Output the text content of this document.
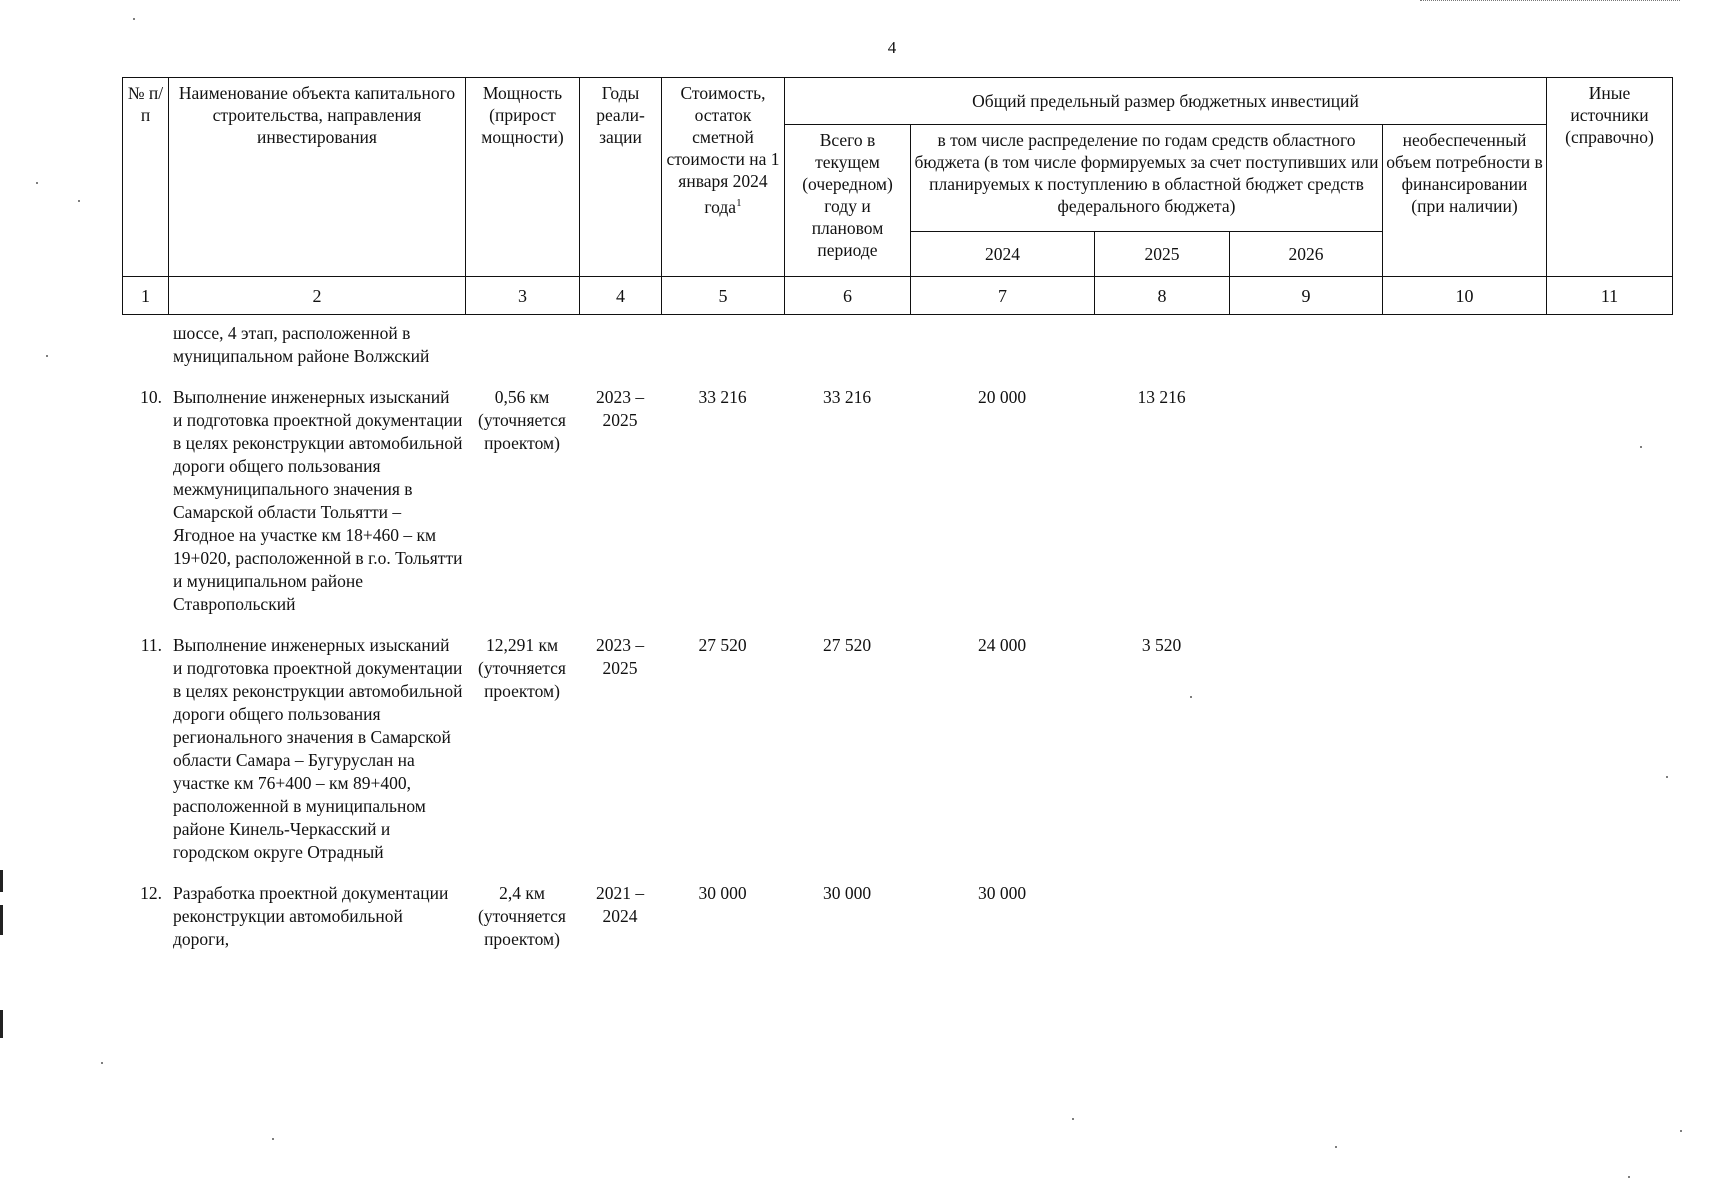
4
№ п/п	Наименование объекта капитального строительства, направления инвестирования	Мощность (прирост мощности)	Годы реали-зации	Стоимость, остаток сметной стоимости на 1 января 2024 года$^1$	Общий предельный размер бюджетных инвестиций					Иные источники (справочно)
					Всего в текущем (очередном) году и плановом периоде	в том числе распределение по годам средств областного бюджета (в том числе формируемых за счет поступивших или планируемых к поступлению в областной бюджет средств федерального бюджета)			необеспеченный объем потребности в финансировании (при наличии)	
						2024	2025	2026		
1	2	3	4	5	6	7	8	9	10	11
	шоссе, 4 этап, расположенной в муниципальном районе Волжский									
10.	Выполнение инженерных изысканий и подготовка проектной документации в целях реконструкции автомобильной дороги общего пользования межмуниципального значения в Самарской области Тольятти – Ягодное на участке км 18+460 – км 19+020, расположенной в г.о. Тольятти и муниципальном районе Ставропольский	0,56 км (уточняется проектом)	2023 – 2025	33 216	33 216	20 000	13 216			
11.	Выполнение инженерных изысканий и подготовка проектной документации в целях реконструкции автомобильной дороги общего пользования регионального значения в Самарской области Самара – Бугуруслан на участке км 76+400 – км 89+400, расположенной в муниципальном районе Кинель-Черкасский и городском округе Отрадный	12,291 км (уточняется проектом)	2023 – 2025	27 520	27 520	24 000	3 520			
12.	Разработка проектной документации реконструкции автомобильной дороги,	2,4 км (уточняется проектом)	2021 – 2024	30 000	30 000	30 000				
